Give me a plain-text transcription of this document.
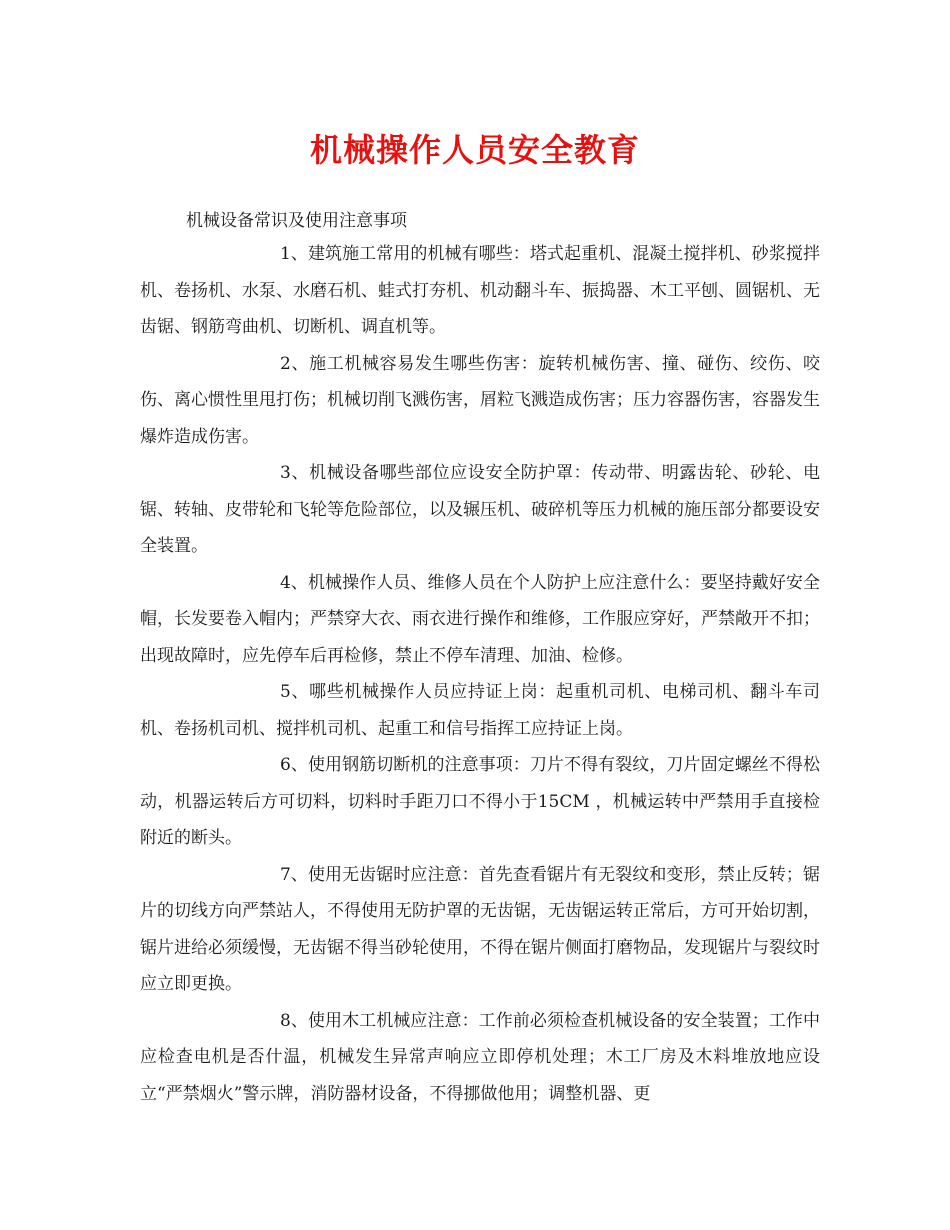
机械操作人员安全教育

机械设备常识及使用注意事项

1、建筑施工常用的机械有哪些：塔式起重机、混凝土搅拌机、砂浆搅拌机、卷扬机、水泵、水磨石机、蛙式打夯机、机动翻斗车、振捣器、木工平刨、圆锯机、无齿锯、钢筋弯曲机、切断机、调直机等。

2、施工机械容易发生哪些伤害：旋转机械伤害、撞、碰伤、绞伤、咬伤、离心惯性里甩打伤；机械切削飞溅伤害，屑粒飞溅造成伤害；压力容器伤害，容器发生爆炸造成伤害。

3、机械设备哪些部位应设安全防护罩：传动带、明露齿轮、砂轮、电锯、转轴、皮带轮和飞轮等危险部位，以及辗压机、破碎机等压力机械的施压部分都要设安全装置。

4、机械操作人员、维修人员在个人防护上应注意什么：要坚持戴好安全帽，长发要卷入帽内；严禁穿大衣、雨衣进行操作和维修，工作服应穿好，严禁敞开不扣；出现故障时，应先停车后再检修，禁止不停车清理、加油、检修。

5、哪些机械操作人员应持证上岗：起重机司机、电梯司机、翻斗车司机、卷扬机司机、搅拌机司机、起重工和信号指挥工应持证上岗。

6、使用钢筋切断机的注意事项：刀片不得有裂纹，刀片固定螺丝不得松动，机器运转后方可切料，切料时手距刀口不得小于15CM ，机械运转中严禁用手直接检附近的断头。

7、使用无齿锯时应注意：首先查看锯片有无裂纹和变形，禁止反转；锯片的切线方向严禁站人，不得使用无防护罩的无齿锯，无齿锯运转正常后，方可开始切割，锯片进给必须缓慢，无齿锯不得当砂轮使用，不得在锯片侧面打磨物品，发现锯片与裂纹时应立即更换。

8、使用木工机械应注意：工作前必须检查机械设备的安全装置；工作中应检查电机是否什温，机械发生异常声响应立即停机处理；木工厂房及木料堆放地应设立“严禁烟火”警示牌，消防器材设备，不得挪做他用；调整机器、更
